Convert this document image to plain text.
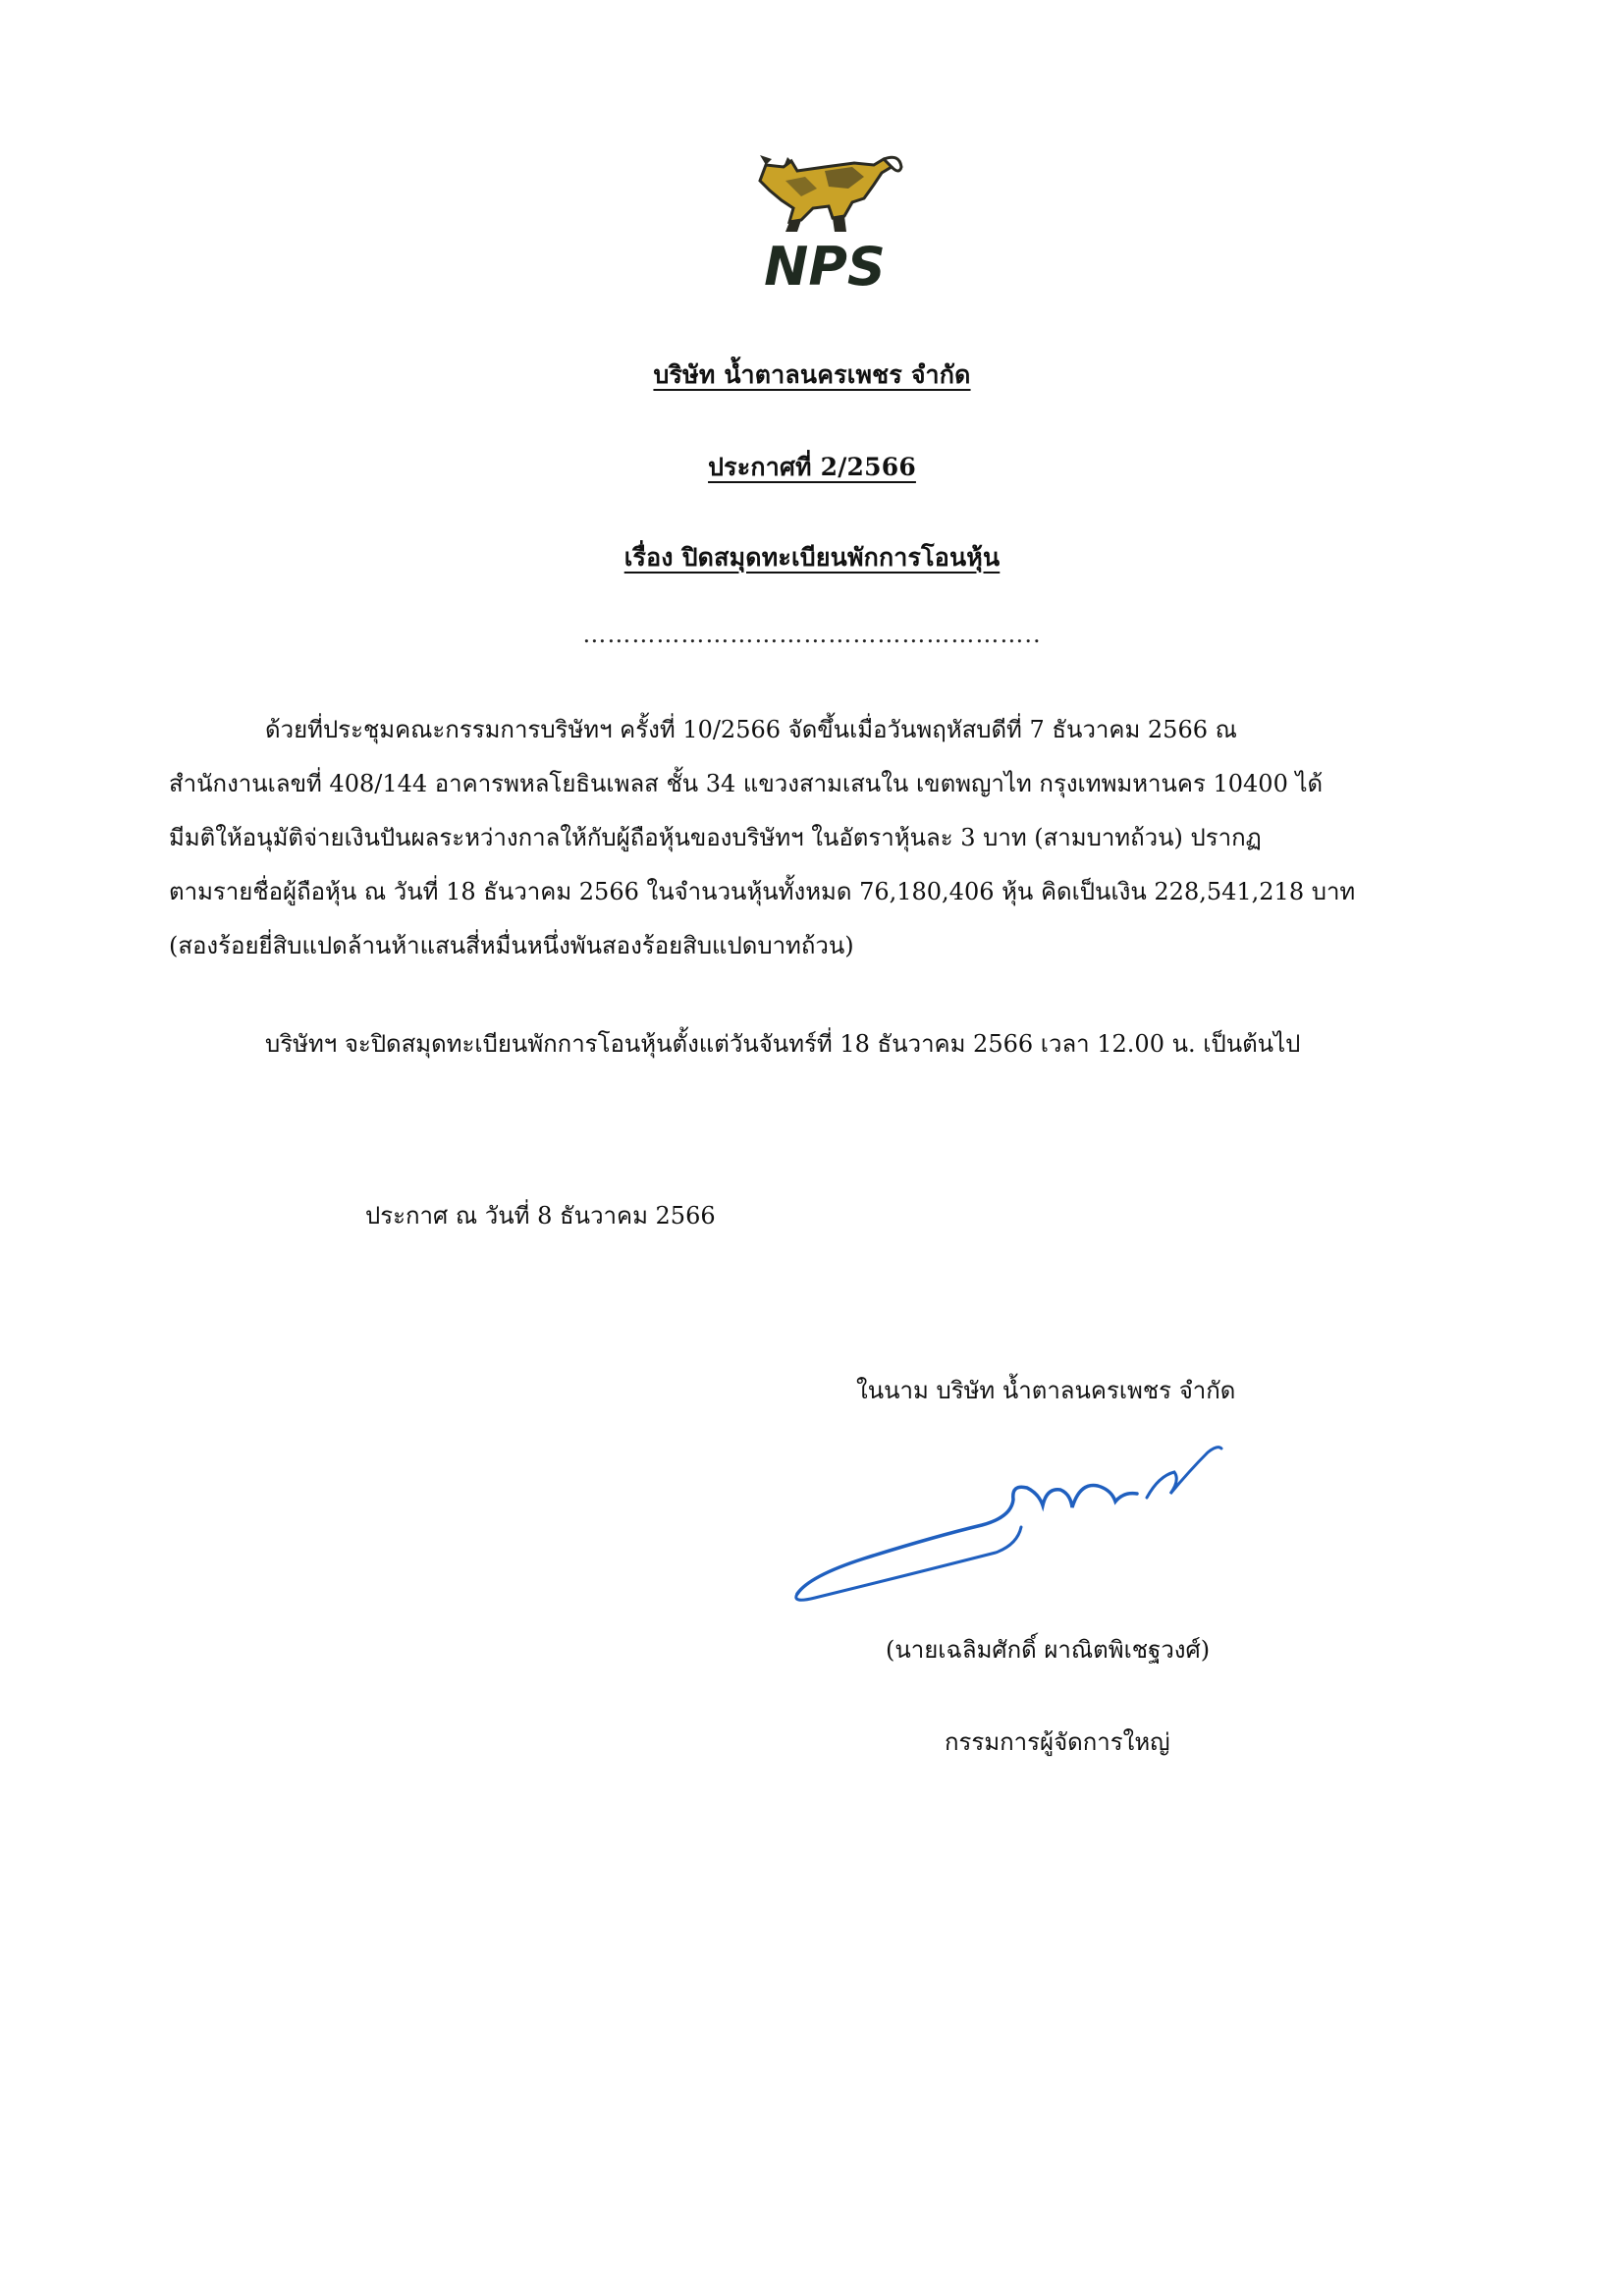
NPS
บริษัท น้ำตาลนครเพชร จำกัด
ประกาศที่ 2/2566
เรื่อง ปิดสมุดทะเบียนพักการโอนหุ้น
………………………………………………..
ด้วยที่ประชุมคณะกรรมการบริษัทฯ ครั้งที่ 10/2566 จัดขึ้นเมื่อวันพฤหัสบดีที่ 7 ธันวาคม 2566 ณ
สำนักงานเลขที่ 408/144 อาคารพหลโยธินเพลส ชั้น 34 แขวงสามเสนใน เขตพญาไท กรุงเทพมหานคร 10400 ได้
มีมติให้อนุมัติจ่ายเงินปันผลระหว่างกาลให้กับผู้ถือหุ้นของบริษัทฯ ในอัตราหุ้นละ 3 บาท (สามบาทถ้วน) ปรากฏ
ตามรายชื่อผู้ถือหุ้น ณ วันที่ 18 ธันวาคม 2566 ในจำนวนหุ้นทั้งหมด 76,180,406 หุ้น คิดเป็นเงิน 228,541,218 บาท
(สองร้อยยี่สิบแปดล้านห้าแสนสี่หมื่นหนึ่งพันสองร้อยสิบแปดบาทถ้วน)
บริษัทฯ จะปิดสมุดทะเบียนพักการโอนหุ้นตั้งแต่วันจันทร์ที่ 18 ธันวาคม 2566 เวลา 12.00 น. เป็นต้นไป
ประกาศ ณ วันที่ 8 ธันวาคม 2566
ในนาม บริษัท น้ำตาลนครเพชร จำกัด
(นายเฉลิมศักดิ์ ผาณิตพิเชฐวงศ์)
กรรมการผู้จัดการใหญ่
